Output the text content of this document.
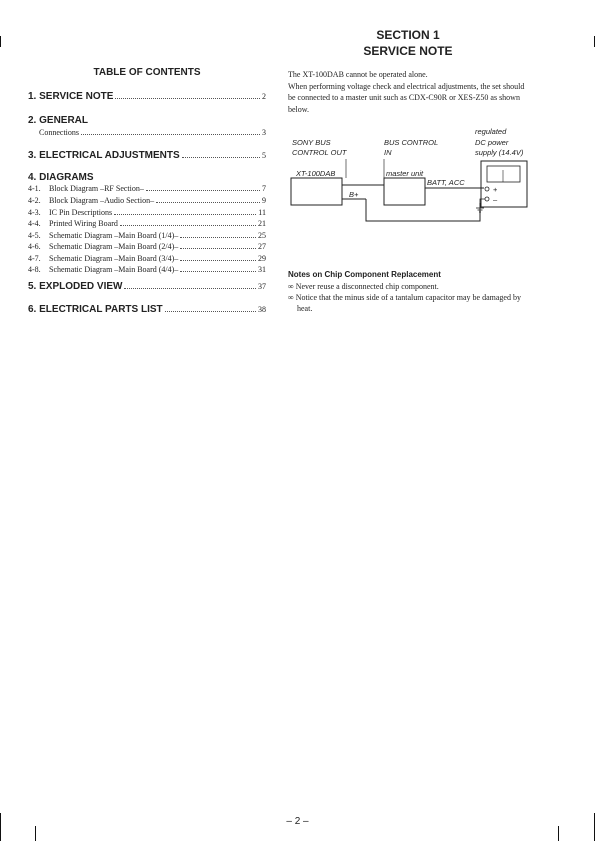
TABLE OF CONTENTS
1. SERVICE NOTE	2
2. GENERAL
Connections	3
3. ELECTRICAL ADJUSTMENTS	5
4. DIAGRAMS
4-1.	Block Diagram –RF Section–	7
4-2.	Block Diagram –Audio Section–	9
4-3.	IC Pin Descriptions	11
4-4.	Printed Wiring Board	21
4-5.	Schematic Diagram –Main Board (1/4)–	25
4-6.	Schematic Diagram –Main Board (2/4)–	27
4-7.	Schematic Diagram –Main Board (3/4)–	29
4-8.	Schematic Diagram –Main Board (4/4)–	31
5. EXPLODED VIEW	37
6. ELECTRICAL PARTS LIST	38
SECTION 1
SERVICE NOTE
The XT-100DAB cannot be operated alone.
When performing voltage check and electrical adjustments, the set should be connected to a master unit such as CDX-C90R or XES-Z50 as shown below.
SONY BUS
CONTROL OUT
BUS CONTROL
IN
regulated
DC power
supply (14.4V)
XT-100DAB	master unit
BATT, ACC
B+
+
–
Notes on Chip Component Replacement
∞ Never reuse a disconnected chip component.
∞ Notice that the minus side of a tantalum capacitor may be damaged by heat.
– 2 –
